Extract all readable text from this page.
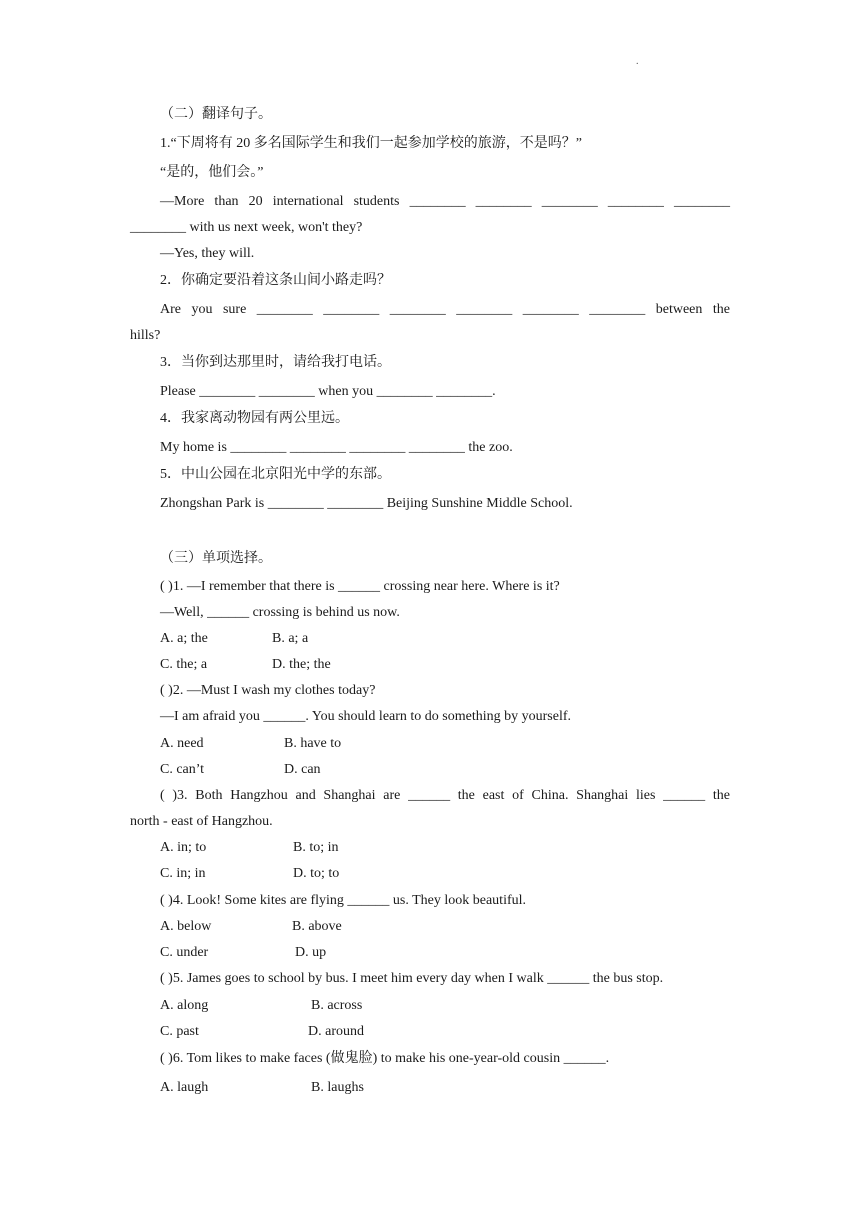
.
（二）翻译句子。
1.“下周将有 20 多名国际学生和我们一起参加学校的旅游，不是吗？”
“是的，他们会。”
—More than 20 international students ________ ________ ________ ________ ________
________ with us next week, won't they?
—Yes, they will.
2．你确定要沿着这条山间小路走吗？
Are you sure ________ ________ ________ ________ ________ ________ between the
hills?
3．当你到达那里时，请给我打电话。
Please ________ ________ when you ________ ________.
4．我家离动物园有两公里远。
My home is ________ ________ ________ ________ the zoo.
5．中山公园在北京阳光中学的东部。
Zhongshan Park is ________ ________ Beijing Sunshine Middle School.
（三）单项选择。
( )1. —I remember that there is ______ crossing near here. Where is it?
—Well, ______ crossing is behind us now.
A. a; the	B. a; a
C. the; a	D. the; the
( )2. —Must I wash my clothes today?
—I am afraid you ______. You should learn to do something by yourself.
A. need	B. have to
C. can’t	D. can
( )3. Both Hangzhou and Shanghai are ______ the east of China. Shanghai lies ______ the
north - east of Hangzhou.
A. in; to	B. to; in
C. in; in	D. to; to
( )4. Look! Some kites are flying ______ us. They look beautiful.
A. below	B. above
C. under	D. up
( )5. James goes to school by bus. I meet him every day when I walk ______ the bus stop.
A. along	B. across
C. past	D. around
( )6. Tom likes to make faces (做鬼脸) to make his one-year-old cousin ______.
A. laugh	B. laughs
